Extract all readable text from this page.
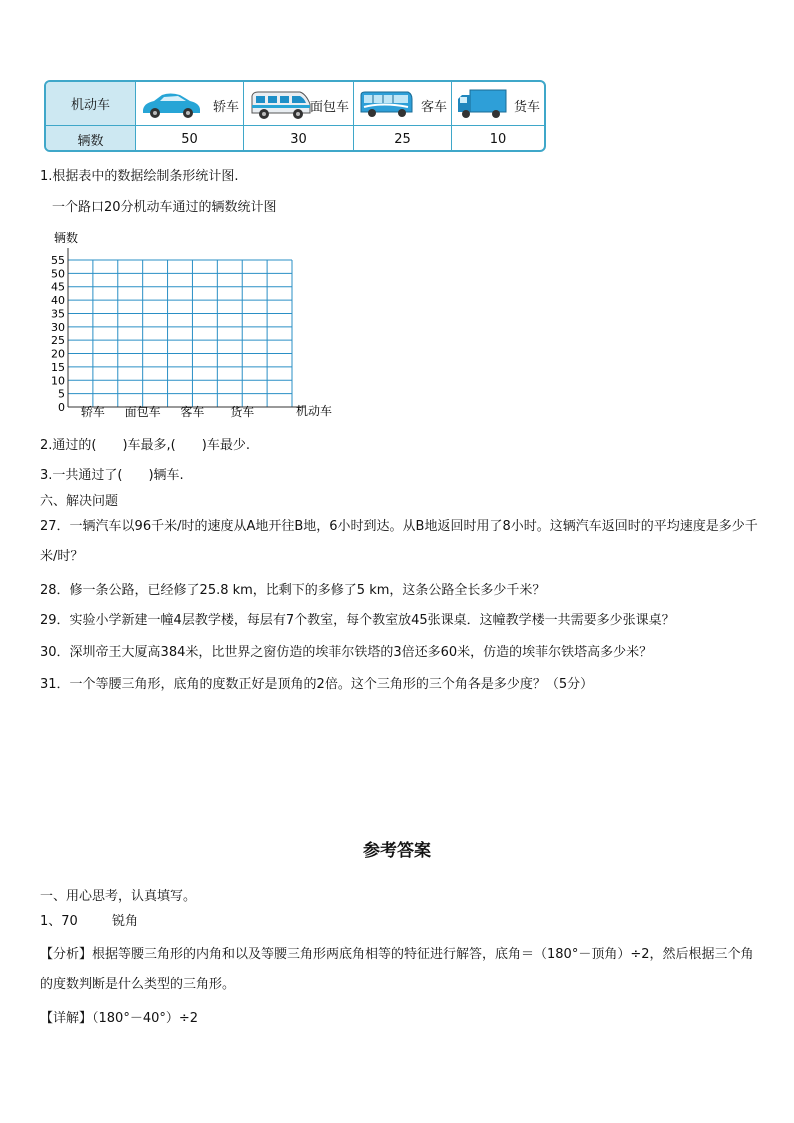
机动车	轿车	面包车	客车	货车
辆数	50	30	25	10
1.根据表中的数据绘制条形统计图.
一个路口20分机动车通过的辆数统计图
辆数
0
5
10
15
20
25
30
35
40
45
50
55
轿车 面包车 客车 货车	机动车
2.通过的(　　)车最多,(　　)车最少.
3.一共通过了(　　)辆车.
六、解决问题
27．一辆汽车以96千米/时的速度从A地开往B地，6小时到达。从B地返回时用了8小时。这辆汽车返回时的平均速度是多少千米/时？
28．修一条公路，已经修了25.8 km，比剩下的多修了5 km，这条公路全长多少千米？
29．实验小学新建一幢4层教学楼，每层有7个教室，每个教室放45张课桌．这幢教学楼一共需要多少张课桌？
30．深圳帝王大厦高384米，比世界之窗仿造的埃菲尔铁塔的3倍还多60米，仿造的埃菲尔铁塔高多少米？
31．一个等腰三角形，底角的度数正好是顶角的2倍。这个三角形的三个角各是多少度？（5分）
参考答案
一、用心思考，认真填写。
1、70	锐角
【分析】根据等腰三角形的内角和以及等腰三角形两底角相等的特征进行解答，底角＝（180°－顶角）÷2，然后根据三个角的度数判断是什么类型的三角形。
【详解】（180°－40°）÷2
